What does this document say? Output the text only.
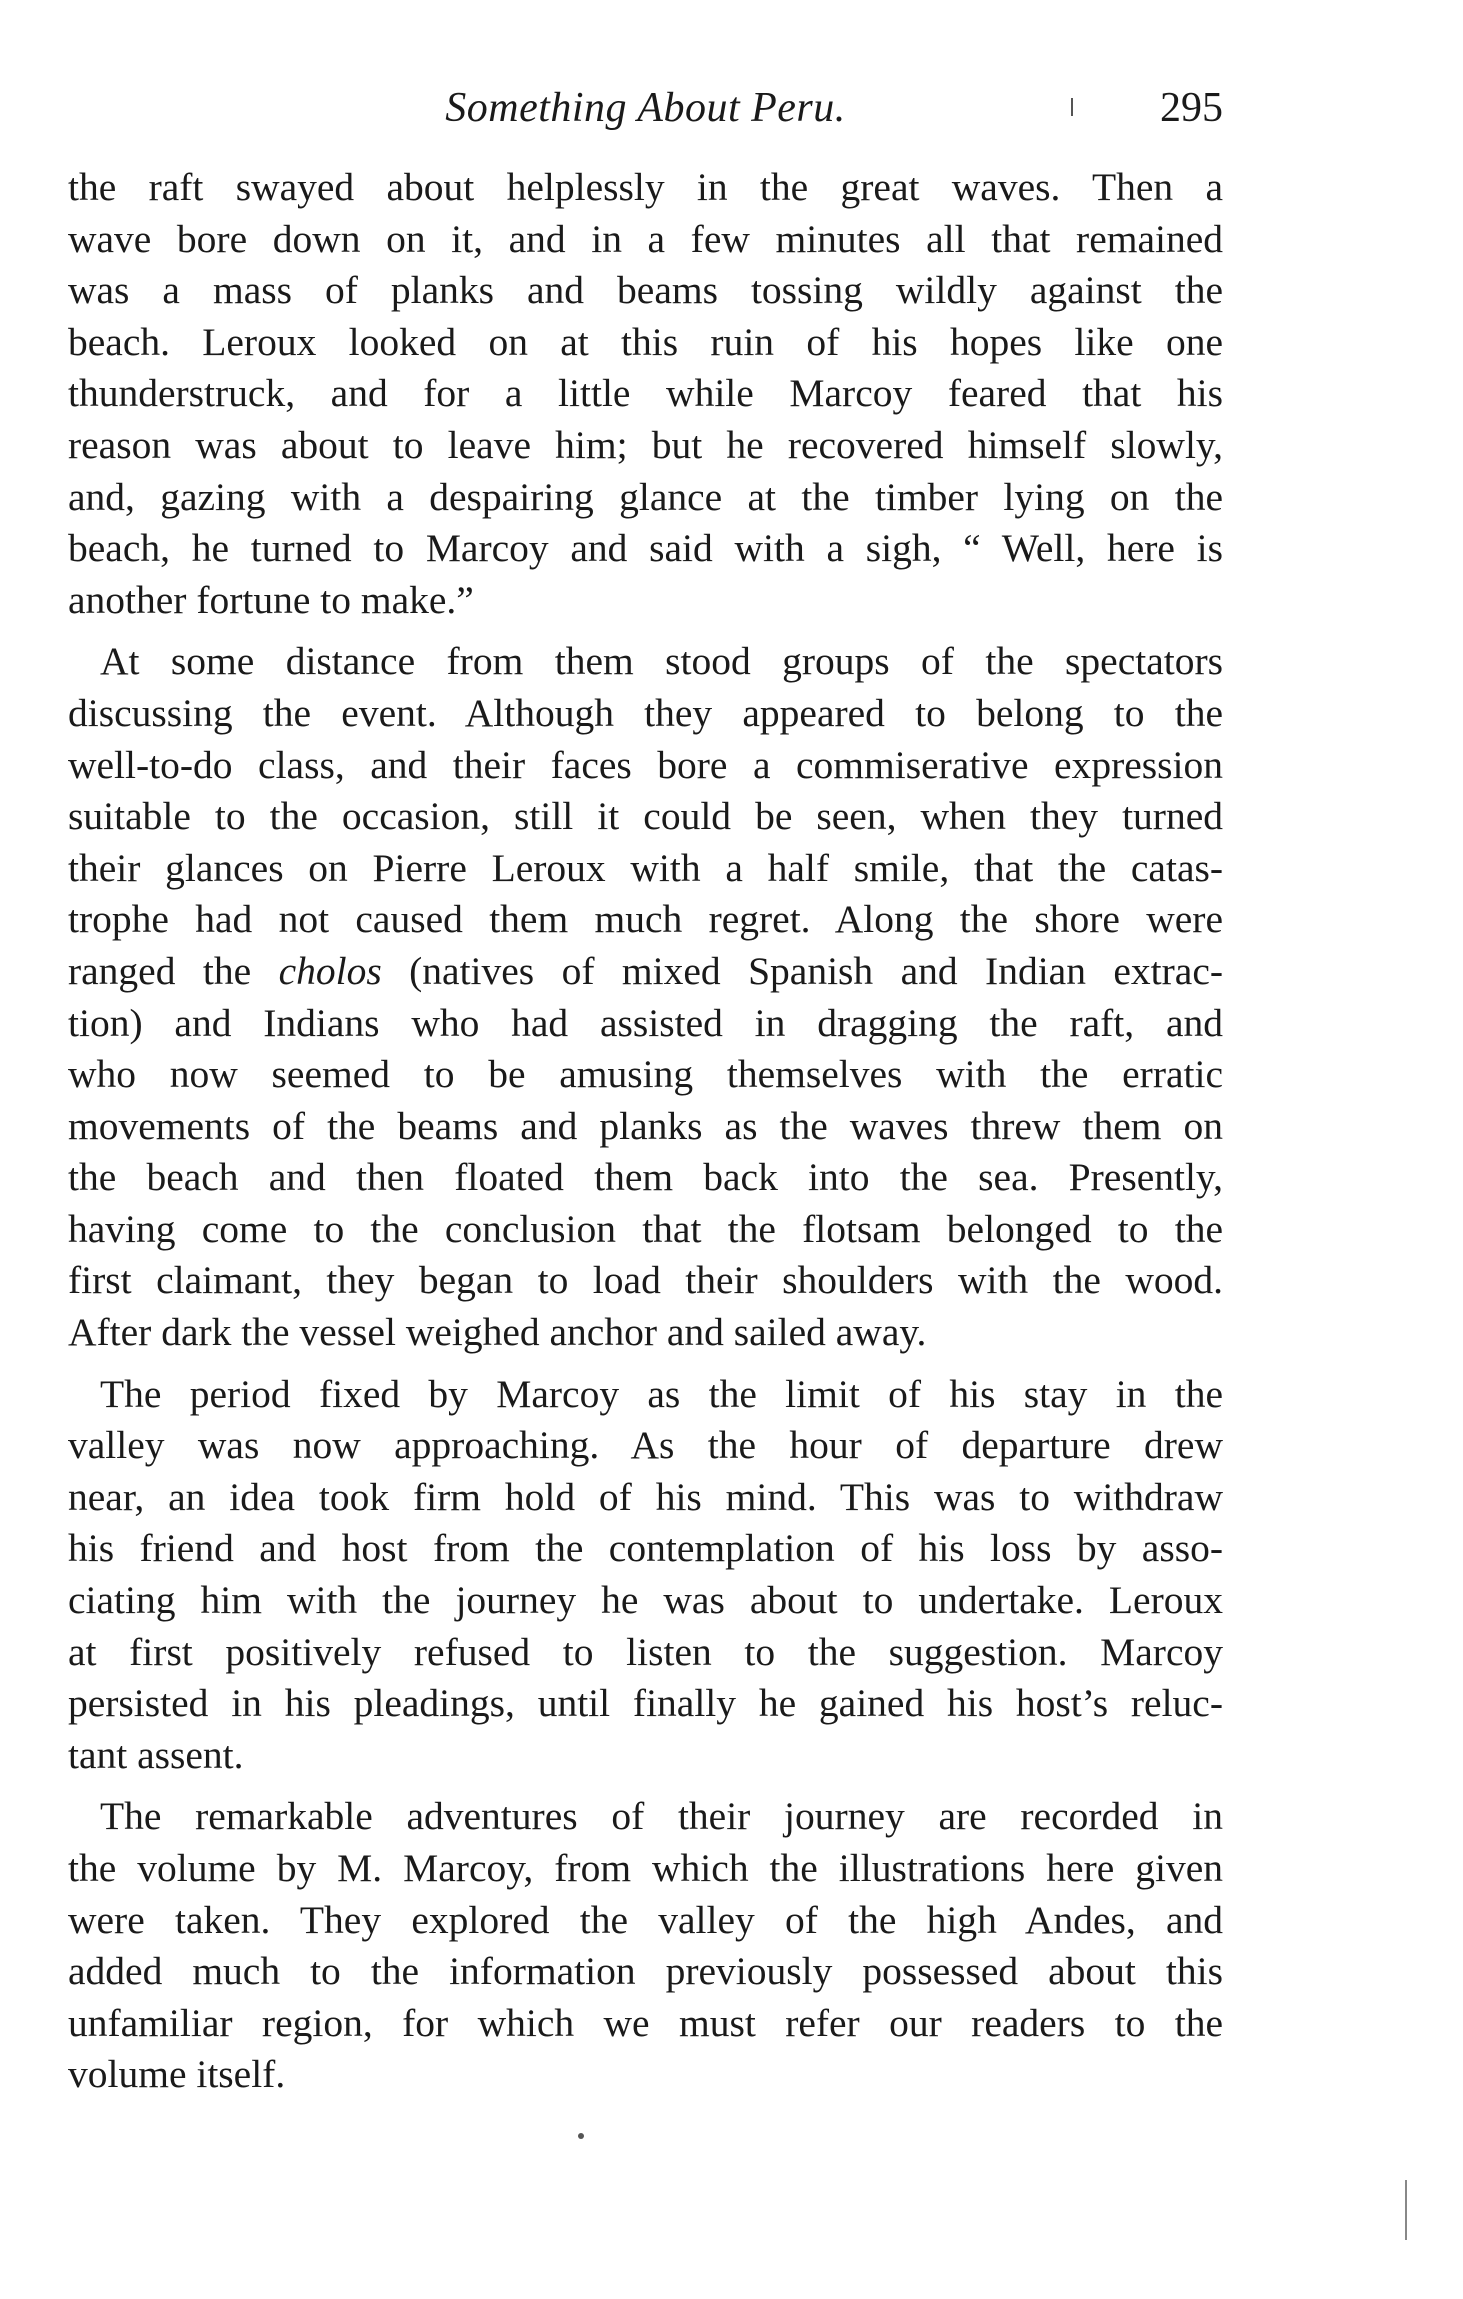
Something About Peru.	295
the raft swayed about helplessly in the great waves. Then a
wave bore down on it, and in a few minutes all that remained
was a mass of planks and beams tossing wildly against the
beach. Leroux looked on at this ruin of his hopes like one
thunderstruck, and for a little while Marcoy feared that his
reason was about to leave him; but he recovered himself slowly,
and, gazing with a despairing glance at the timber lying on the
beach, he turned to Marcoy and said with a sigh, “ Well, here is
another fortune to make.”
At some distance from them stood groups of the spectators
discussing the event. Although they appeared to belong to the
well-to-do class, and their faces bore a commiserative expression
suitable to the occasion, still it could be seen, when they turned
their glances on Pierre Leroux with a half smile, that the catas-
trophe had not caused them much regret. Along the shore were
ranged the cholos (natives of mixed Spanish and Indian extrac-
tion) and Indians who had assisted in dragging the raft, and
who now seemed to be amusing themselves with the erratic
movements of the beams and planks as the waves threw them on
the beach and then floated them back into the sea. Presently,
having come to the conclusion that the flotsam belonged to the
first claimant, they began to load their shoulders with the wood.
After dark the vessel weighed anchor and sailed away.
The period fixed by Marcoy as the limit of his stay in the
valley was now approaching. As the hour of departure drew
near, an idea took firm hold of his mind. This was to withdraw
his friend and host from the contemplation of his loss by asso-
ciating him with the journey he was about to undertake. Leroux
at first positively refused to listen to the suggestion. Marcoy
persisted in his pleadings, until finally he gained his host’s reluc-
tant assent.
The remarkable adventures of their journey are recorded in
the volume by M. Marcoy, from which the illustrations here given
were taken. They explored the valley of the high Andes, and
added much to the information previously possessed about this
unfamiliar region, for which we must refer our readers to the
volume itself.
